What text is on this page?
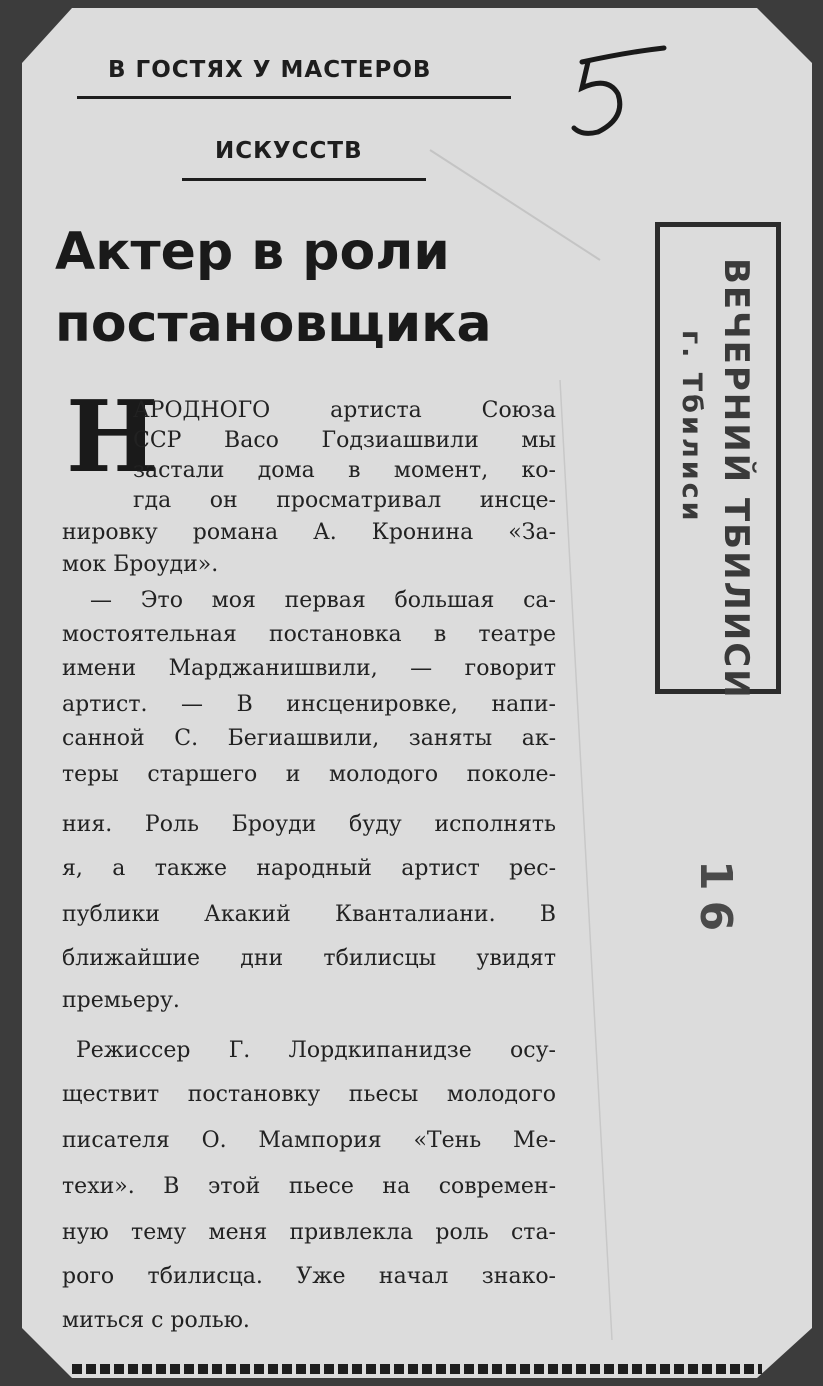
В ГОСТЯХ У МАСТЕРОВ
ИСКУССТВ
Актер в роли
постановщика	ВЕЧЕРНИЙ ТБИЛИСИ
г. Тбилиси
16
Н
АРОДНОГО артиста Союза
ССР Васо Годзиашвили мы
застали дома в момент, ко-
гда он просматривал инсце-
нировку романа А. Кронина «За-
мок Броуди».
— Это моя первая большая са-
мостоятельная постановка в театре
имени Марджанишвили, — говорит
артист. — В инсценировке, напи-
санной С. Бегиашвили, заняты ак-
теры старшего и молодого поколе-
ния. Роль Броуди буду исполнять
я, а также народный артист рес-
публики Акакий Кванталиани. В
ближайшие дни тбилисцы увидят
премьеру.
Режиссер Г. Лордкипанидзе осу-
ществит постановку пьесы молодого
писателя О. Мампория «Тень Ме-
техи». В этой пьесе на современ-
ную тему меня привлекла роль ста-
рого тбилисца. Уже начал знако-
миться с ролью.
